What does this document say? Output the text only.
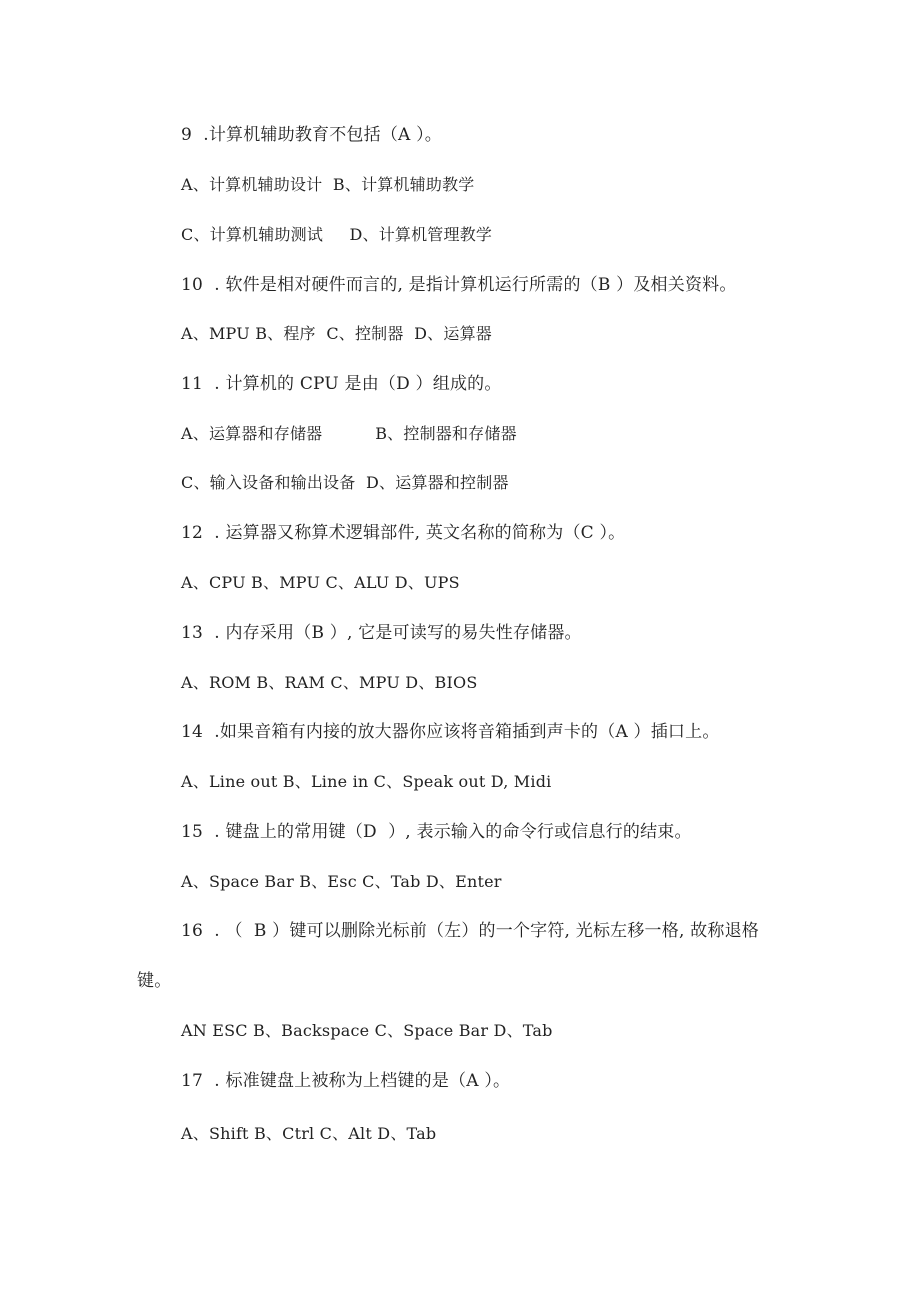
9  .计算机辅助教育不包括（A ）。
A、计算机辅助设计  B、计算机辅助教学
C、计算机辅助测试     D、计算机管理教学
10  . 软件是相对硬件而言的, 是指计算机运行所需的（B ）及相关资料。
A、MPU B、程序  C、控制器  D、运算器
11  . 计算机的 CPU 是由（D ）组成的。
A、运算器和存储器          B、控制器和存储器
C、输入设备和输出设备  D、运算器和控制器
12  . 运算器又称算术逻辑部件, 英文名称的简称为（C ）。
A、CPU B、MPU C、ALU D、UPS
13  . 内存采用（B ）, 它是可读写的易失性存储器。
A、ROM B、RAM C、MPU D、BIOS
14  .如果音箱有内接的放大器你应该将音箱插到声卡的（A ）插口上。
A、Line out B、Line in C、Speak out D, Midi
15  . 键盘上的常用键（D  ）, 表示输入的命令行或信息行的结束。
A、Space Bar B、Esc C、Tab D、Enter
16  . （  B ）键可以删除光标前（左）的一个字符, 光标左移一格, 故称退格
键。
AN ESC B、Backspace C、Space Bar D、Tab
17  . 标准键盘上被称为上档键的是（A ）。
A、Shift B、Ctrl C、Alt D、Tab
